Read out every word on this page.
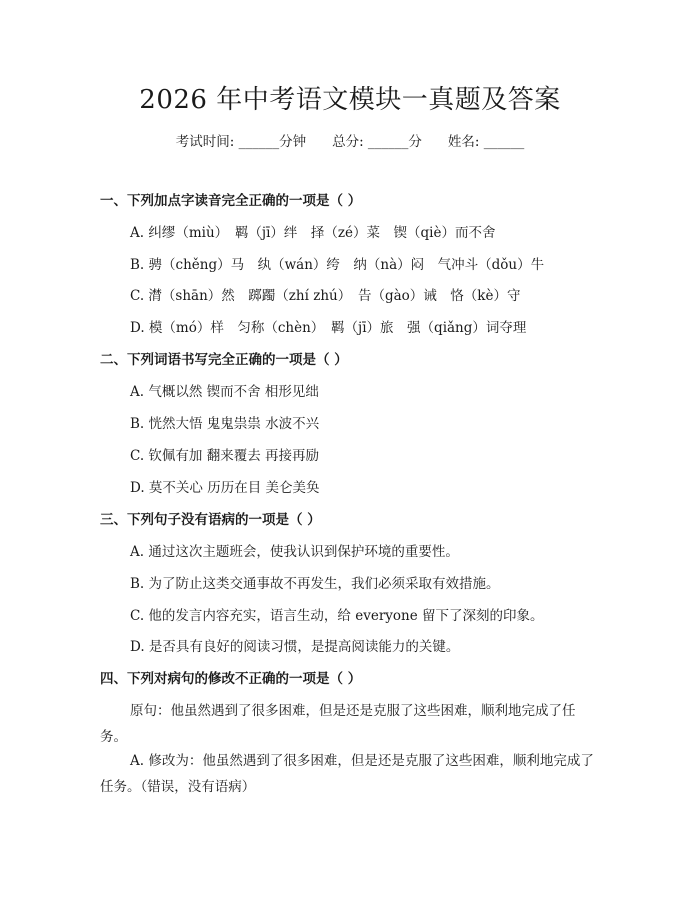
2026 年中考语文模块一真题及答案
考试时间: ______分钟 总分: ______分 姓名: ______
一、下列加点字读音完全正确的一项是（ ）
A. 纠缪（miù）　羁（jī）绊　择（zé）菜　锲（qiè）而不舍
B. 骋（chěng）马　纨（wán）绔　纳（nà）闷　气冲斗（dǒu）牛
C. 潸（shān）然　踯躅（zhí zhú）　告（gào）诫　恪（kè）守
D. 模（mó）样　匀称（chèn）　羁（jī）旅　强（qiǎng）词夺理
二、下列词语书写完全正确的一项是（ ）
A. 气概以然 锲而不舍 相形见绌
B. 恍然大悟 鬼鬼祟祟 水波不兴
C. 钦佩有加 翻来覆去 再接再励
D. 莫不关心 历历在目 美仑美奂
三、下列句子没有语病的一项是（ ）
A. 通过这次主题班会，使我认识到保护环境的重要性。
B. 为了防止这类交通事故不再发生，我们必须采取有效措施。
C. 他的发言内容充实，语言生动，给 everyone 留下了深刻的印象。
D. 是否具有良好的阅读习惯，是提高阅读能力的关键。
四、下列对病句的修改不正确的一项是（ ）
原句：他虽然遇到了很多困难，但是还是克服了这些困难，顺利地完成了任务。
A. 修改为：他虽然遇到了很多困难，但是还是克服了这些困难，顺利地完成了任务。（错误，没有语病）
